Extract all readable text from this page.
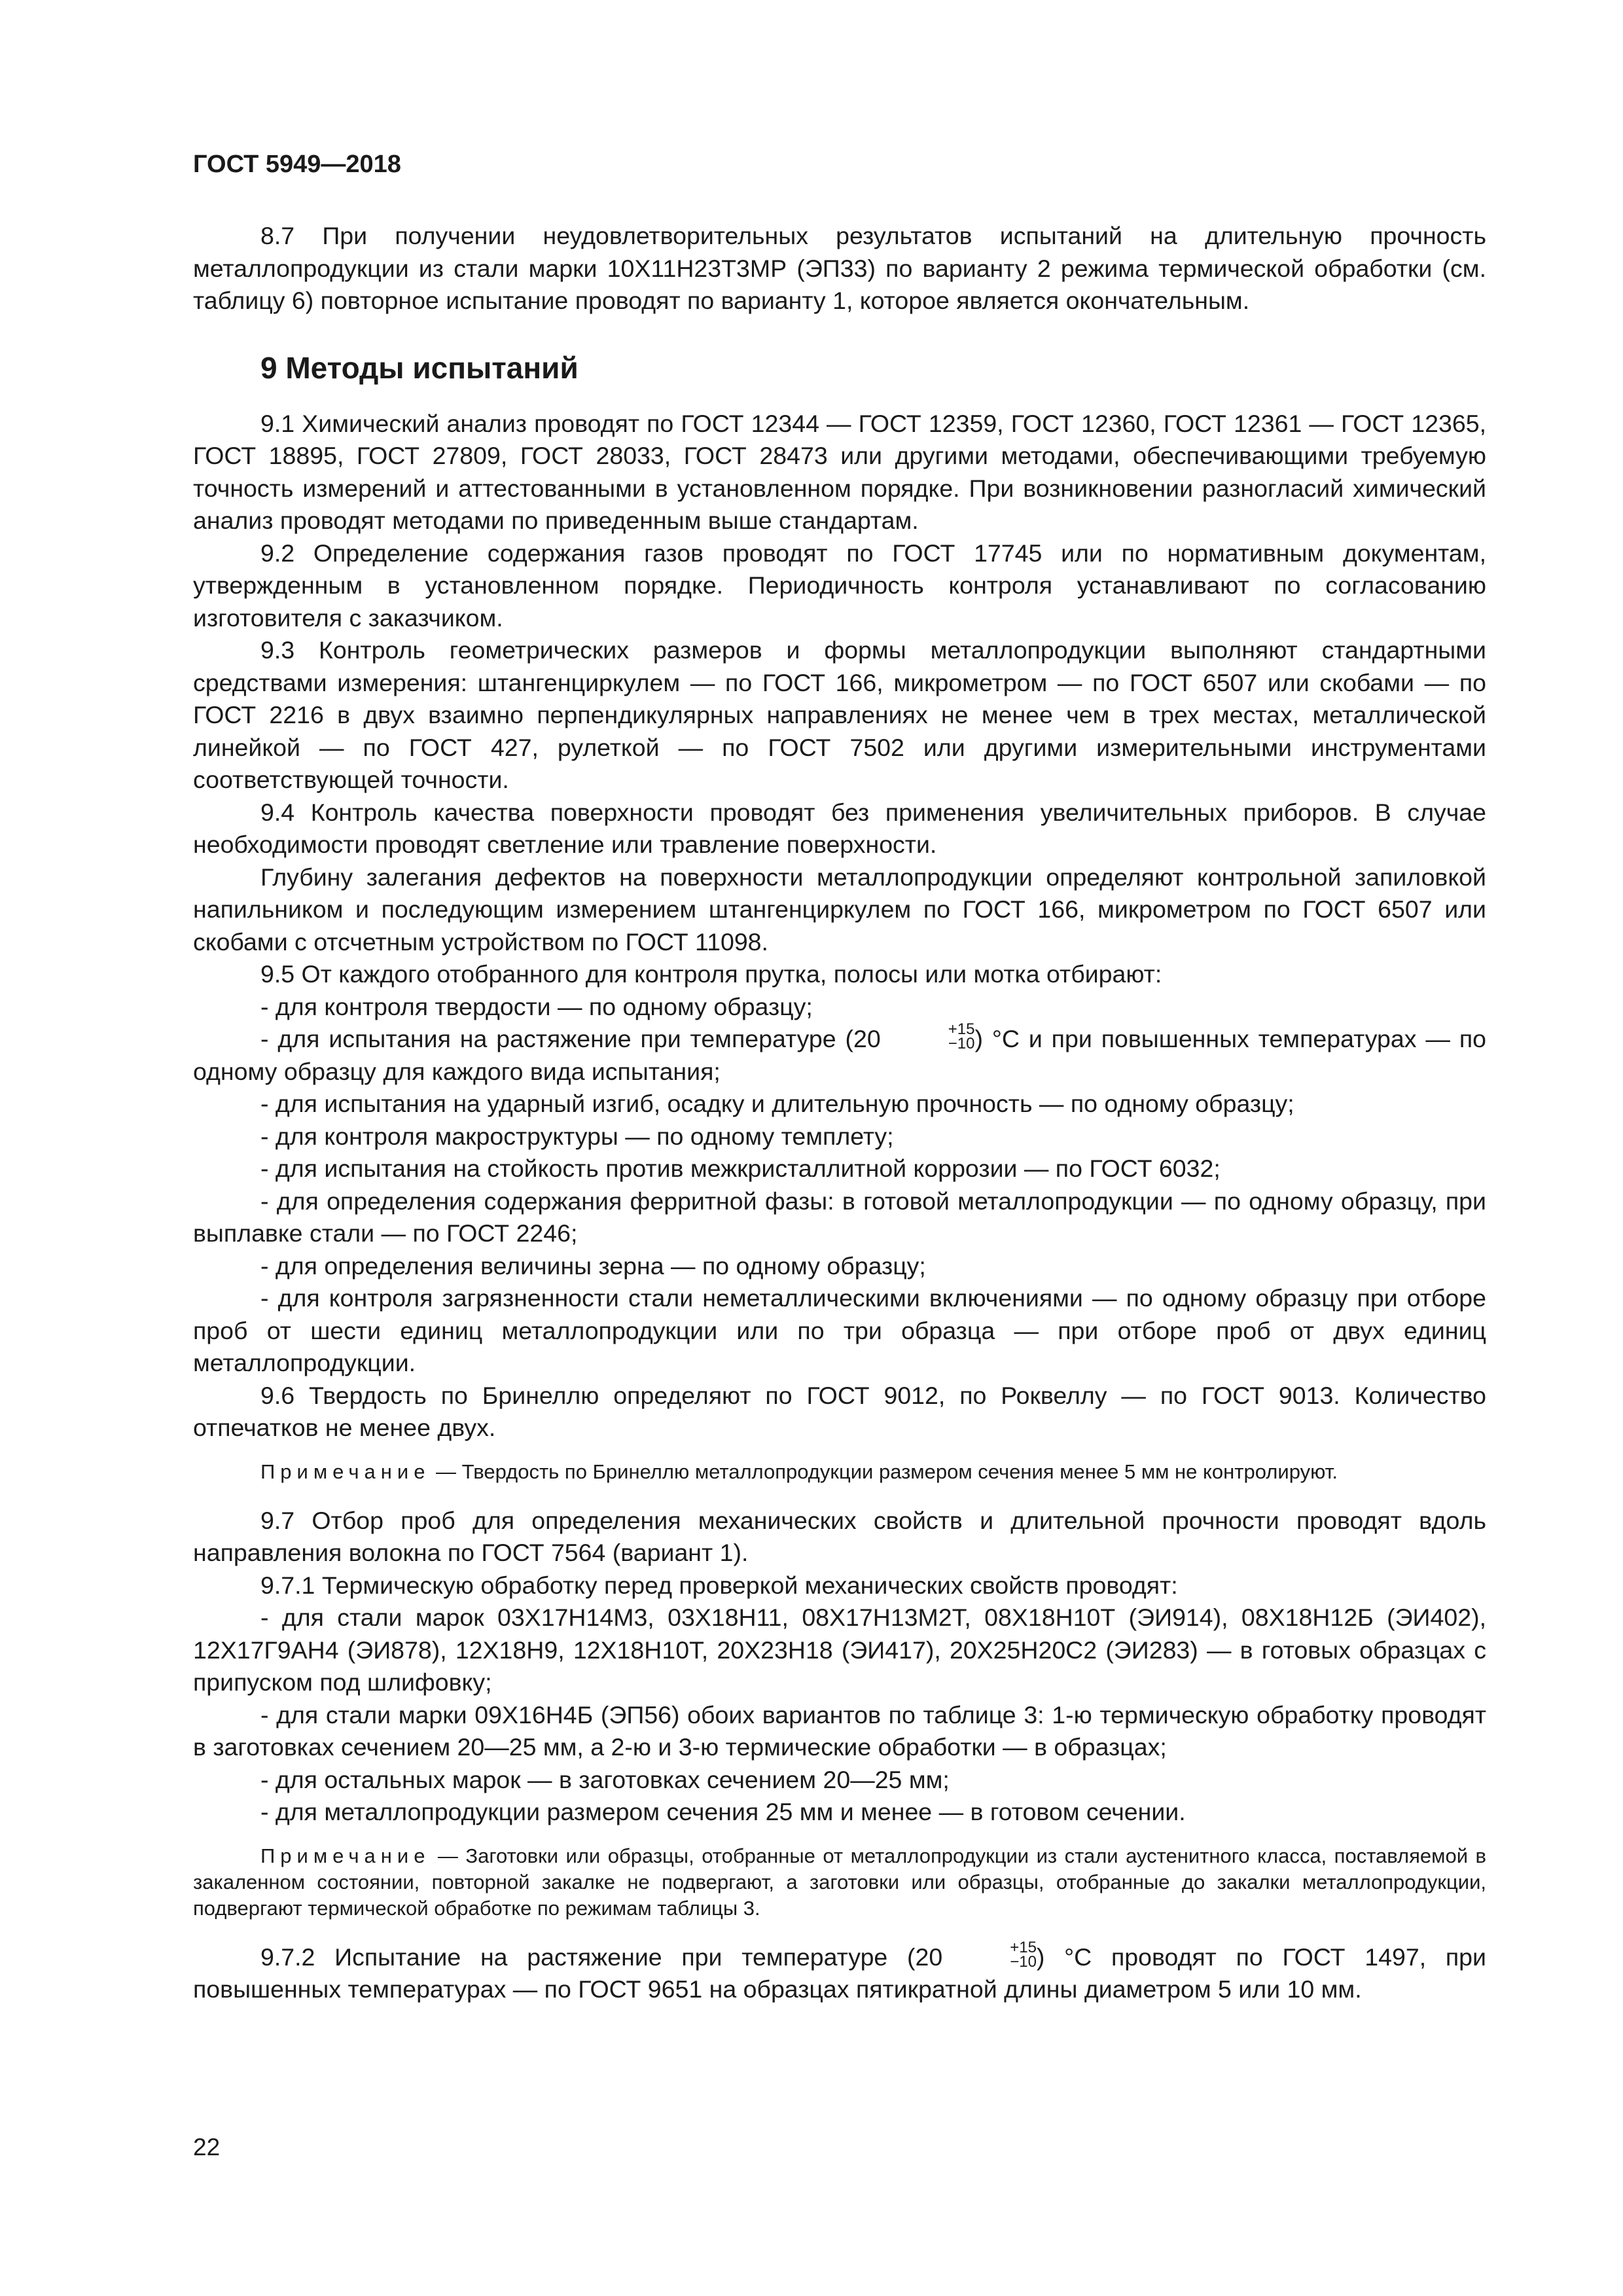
ГОСТ 5949—2018

8.7 При получении неудовлетворительных результатов испытаний на длительную прочность металлопродукции из стали марки 10Х11Н23Т3МР (ЭП33) по варианту 2 режима термической обработки (см. таблицу 6) повторное испытание проводят по варианту 1, которое является окончательным.

9 Методы испытаний

9.1 Химический анализ проводят по ГОСТ 12344 — ГОСТ 12359, ГОСТ 12360, ГОСТ 12361 — ГОСТ 12365, ГОСТ 18895, ГОСТ 27809, ГОСТ 28033, ГОСТ 28473 или другими методами, обеспечивающими требуемую точность измерений и аттестованными в установленном порядке. При возникновении разногласий химический анализ проводят методами по приведенным выше стандартам.

9.2 Определение содержания газов проводят по ГОСТ 17745 или по нормативным документам, утвержденным в установленном порядке. Периодичность контроля устанавливают по согласованию изготовителя с заказчиком.

9.3 Контроль геометрических размеров и формы металлопродукции выполняют стандартными средствами измерения: штангенциркулем — по ГОСТ 166, микрометром — по ГОСТ 6507 или скобами — по ГОСТ 2216 в двух взаимно перпендикулярных направлениях не менее чем в трех местах, металлической линейкой — по ГОСТ 427, рулеткой — по ГОСТ 7502 или другими измерительными инструментами соответствующей точности.

9.4 Контроль качества поверхности проводят без применения увеличительных приборов. В случае необходимости проводят светление или травление поверхности.

Глубину залегания дефектов на поверхности металлопродукции определяют контрольной запиловкой напильником и последующим измерением штангенциркулем по ГОСТ 166, микрометром по ГОСТ 6507 или скобами с отсчетным устройством по ГОСТ 11098.

9.5 От каждого отобранного для контроля прутка, полосы или мотка отбирают:

- для контроля твердости — по одному образцу;

- для испытания на растяжение при температуре (20	+15
−10 ) °С и при повышенных температурах — по одному образцу для каждого вида испытания;

- для испытания на ударный изгиб, осадку и длительную прочность — по одному образцу;

- для контроля макроструктуры — по одному темплету;

- для испытания на стойкость против межкристаллитной коррозии — по ГОСТ 6032;

- для определения содержания ферритной фазы: в готовой металлопродукции — по одному образцу, при выплавке стали — по ГОСТ 2246;

- для определения величины зерна — по одному образцу;

- для контроля загрязненности стали неметаллическими включениями — по одному образцу при отборе проб от шести единиц металлопродукции или по три образца — при отборе проб от двух единиц металлопродукции.

9.6 Твердость по Бринеллю определяют по ГОСТ 9012, по Роквеллу — по ГОСТ 9013. Количество отпечатков не менее двух.

Примечание — Твердость по Бринеллю металлопродукции размером сечения менее 5 мм не контролируют.

9.7 Отбор проб для определения механических свойств и длительной прочности проводят вдоль направления волокна по ГОСТ 7564 (вариант 1).

9.7.1 Термическую обработку перед проверкой механических свойств проводят:

- для стали марок 03Х17Н14М3, 03Х18Н11, 08Х17Н13М2Т, 08Х18Н10Т (ЭИ914), 08Х18Н12Б (ЭИ402), 12Х17Г9АН4 (ЭИ878), 12Х18Н9, 12Х18Н10Т, 20Х23Н18 (ЭИ417), 20Х25Н20С2 (ЭИ283) — в готовых образцах с припуском под шлифовку;

- для стали марки 09Х16Н4Б (ЭП56) обоих вариантов по таблице 3: 1-ю термическую обработку проводят в заготовках сечением 20—25 мм, а 2-ю и 3-ю термические обработки — в образцах;

- для остальных марок — в заготовках сечением 20—25 мм;

- для металлопродукции размером сечения 25 мм и менее — в готовом сечении.

Примечание — Заготовки или образцы, отобранные от металлопродукции из стали аустенитного класса, поставляемой в закаленном состоянии, повторной закалке не подвергают, а заготовки или образцы, отобранные до закалки металлопродукции, подвергают термической обработке по режимам таблицы 3.

9.7.2 Испытание на растяжение при температуре (20	+15
−10 ) °С проводят по ГОСТ 1497, при повышенных температурах — по ГОСТ 9651 на образцах пятикратной длины диаметром 5 или 10 мм.

22
